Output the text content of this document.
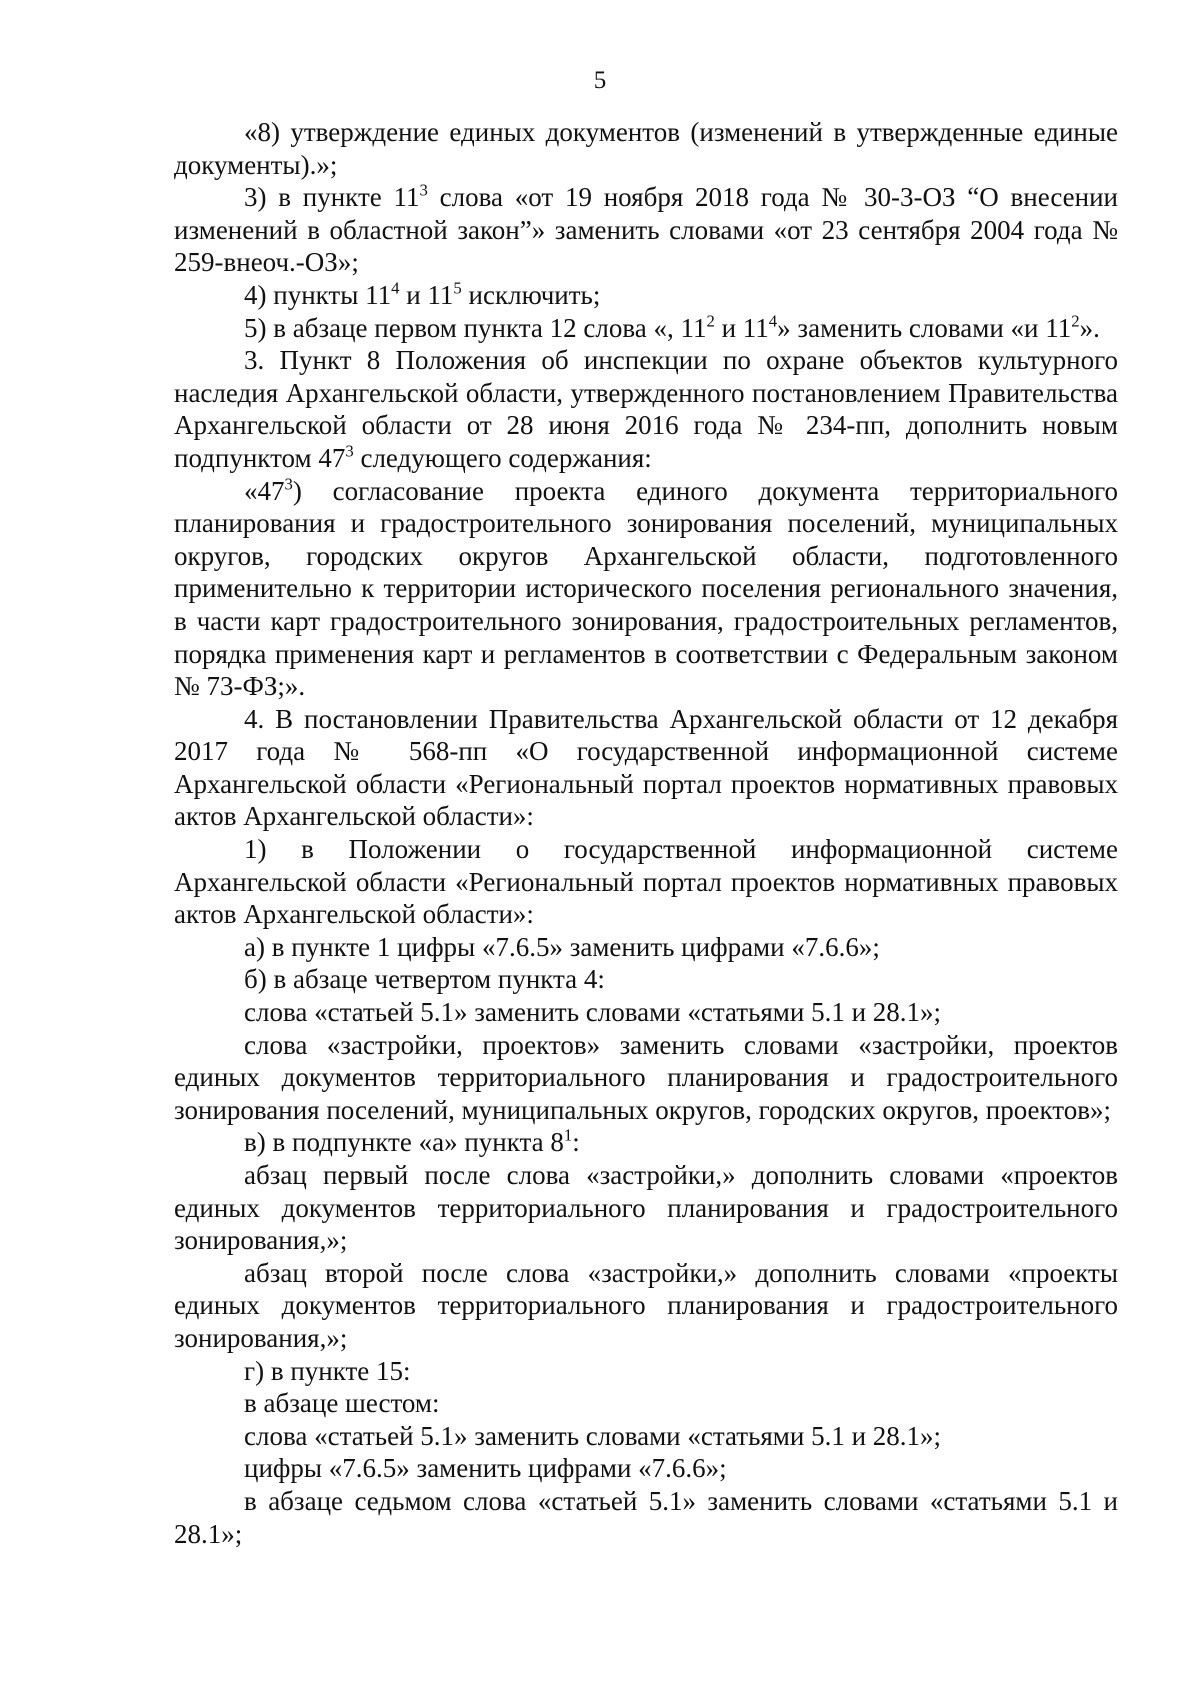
5

«8) утверждение единых документов (изменений в утвержденные единые документы).»;

3) в пункте $11^3$ слова «от 19 ноября 2018 года № 30-3-ОЗ “О внесении изменений в областной закон”» заменить словами «от 23 сентября 2004 года № 259-внеоч.-ОЗ»;

4) пункты $11^4$ и $11^5$ исключить;

5) в абзаце первом пункта 12 слова «, $11^2$ и $11^4$» заменить словами «и $11^2$».

3. Пункт 8 Положения об инспекции по охране объектов культурного наследия Архангельской области, утвержденного постановлением Правительства Архангельской области от 28 июня 2016 года № 234-пп, дополнить новым подпунктом $47^3$ следующего содержания:

«$47^3$) согласование проекта единого документа территориального планирования и градостроительного зонирования поселений, муниципальных округов, городских округов Архангельской области, подготовленного применительно к территории исторического поселения регионального значения, в части карт градостроительного зонирования, градостроительных регламентов, порядка применения карт и регламентов в соответствии с Федеральным законом № 73-ФЗ;».

4. В постановлении Правительства Архангельской области от 12 декабря 2017 года № 568-пп «О государственной информационной системе Архангельской области «Региональный портал проектов нормативных правовых актов Архангельской области»:

1) в Положении о государственной информационной системе Архангельской области «Региональный портал проектов нормативных правовых актов Архангельской области»:

а) в пункте 1 цифры «7.6.5» заменить цифрами «7.6.6»;

б) в абзаце четвертом пункта 4:

слова «статьей 5.1» заменить словами «статьями 5.1 и 28.1»;

слова «застройки, проектов» заменить словами «застройки, проектов единых документов территориального планирования и градостроительного зонирования поселений, муниципальных округов, городских округов, проектов»;

в) в подпункте «а» пункта $8^1$:

абзац первый после слова «застройки,» дополнить словами «проектов единых документов территориального планирования и градостроительного зонирования,»;

абзац второй после слова «застройки,» дополнить словами «проекты единых документов территориального планирования и градостроительного зонирования,»;

г) в пункте 15:

в абзаце шестом:

слова «статьей 5.1» заменить словами «статьями 5.1 и 28.1»;

цифры «7.6.5» заменить цифрами «7.6.6»;

в абзаце седьмом слова «статьей 5.1» заменить словами «статьями 5.1 и 28.1»;
